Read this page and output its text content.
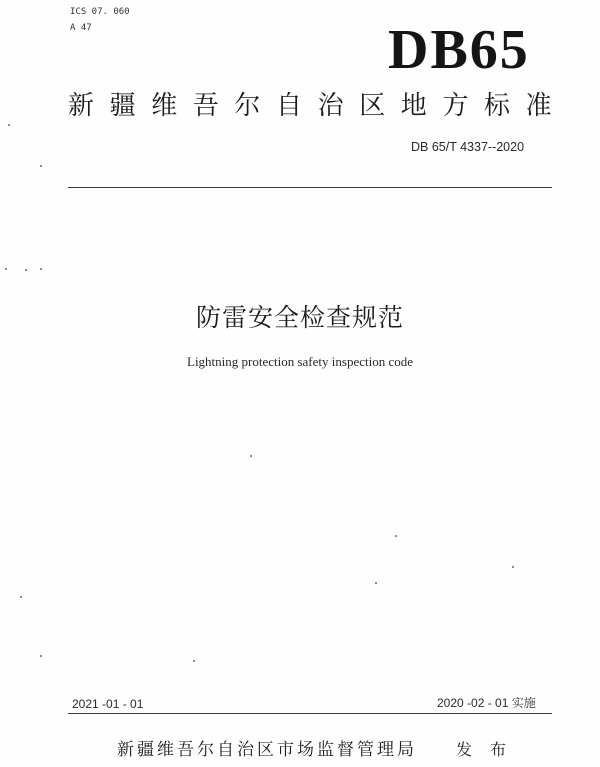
ICS 07. 060
A 47	DB65
新疆维吾尔自治区地方标准
DB 65/T 4337--2020
防雷安全检查规范
Lightning protection safety inspection code
2021 -01 - 01	2020 -02 - 01 实施
新疆维吾尔自治区市场监督管理局 发布
